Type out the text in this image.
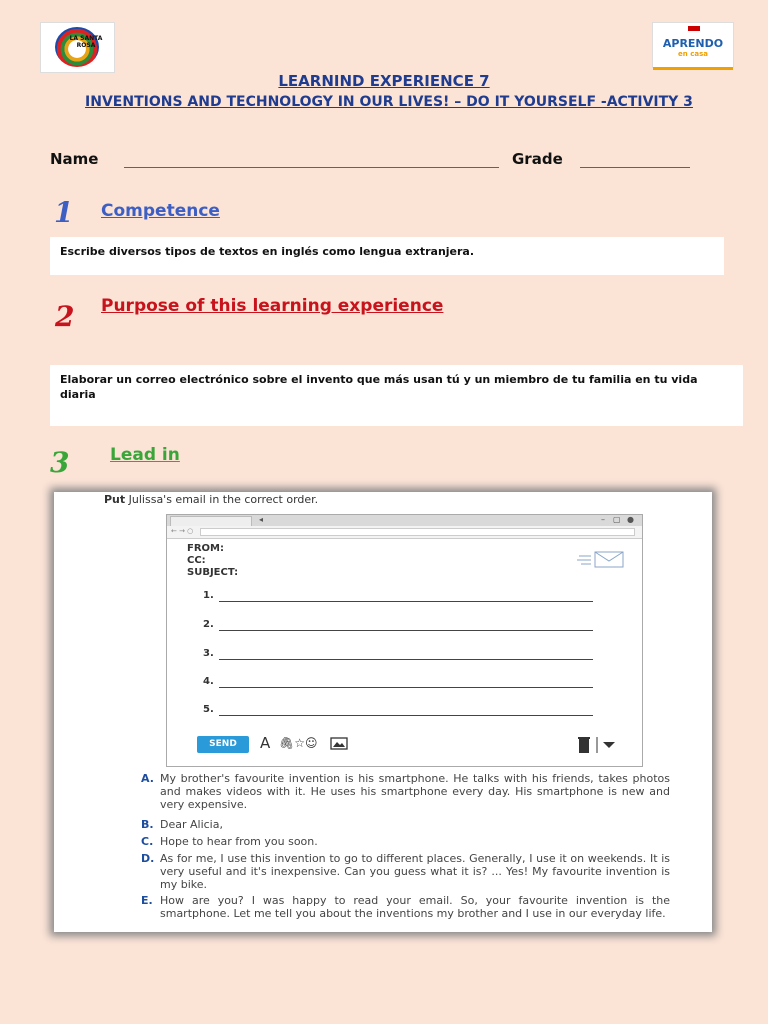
LA SANTA ROSA	APRENDO
en casa
LEARNIND EXPERIENCE 7
INVENTIONS AND TECHNOLOGY IN OUR LIVES! – DO IT YOURSELF -ACTIVITY 3
Name	Grade
1 Competence
Escribe diversos tipos de textos en inglés como lengua extranjera.
2 Purpose of this learning experience
Elaborar un correo electrónico sobre el invento que más usan tú y un miembro de tu familia en tu vida diaria
3 Lead in
Put Julissa's email in the correct order.
◂	– ▢ ●
← → ○
FROM:
CC:
SUBJECT:
1.
2.
3.
4.
5.
SEND	A 🖇☆☺
A. My brother's favourite invention is his smartphone. He talks with his friends, takes photos and makes videos with it. He uses his smartphone every day. His smartphone is new and very expensive.
B. Dear Alicia,
C. Hope to hear from you soon.
D. As for me, I use this invention to go to different places. Generally, I use it on weekends. It is very useful and it's inexpensive. Can you guess what it is? ... Yes! My favourite invention is my bike.
E. How are you? I was happy to read your email. So, your favourite invention is the smartphone. Let me tell you about the inventions my brother and I use in our everyday life.
